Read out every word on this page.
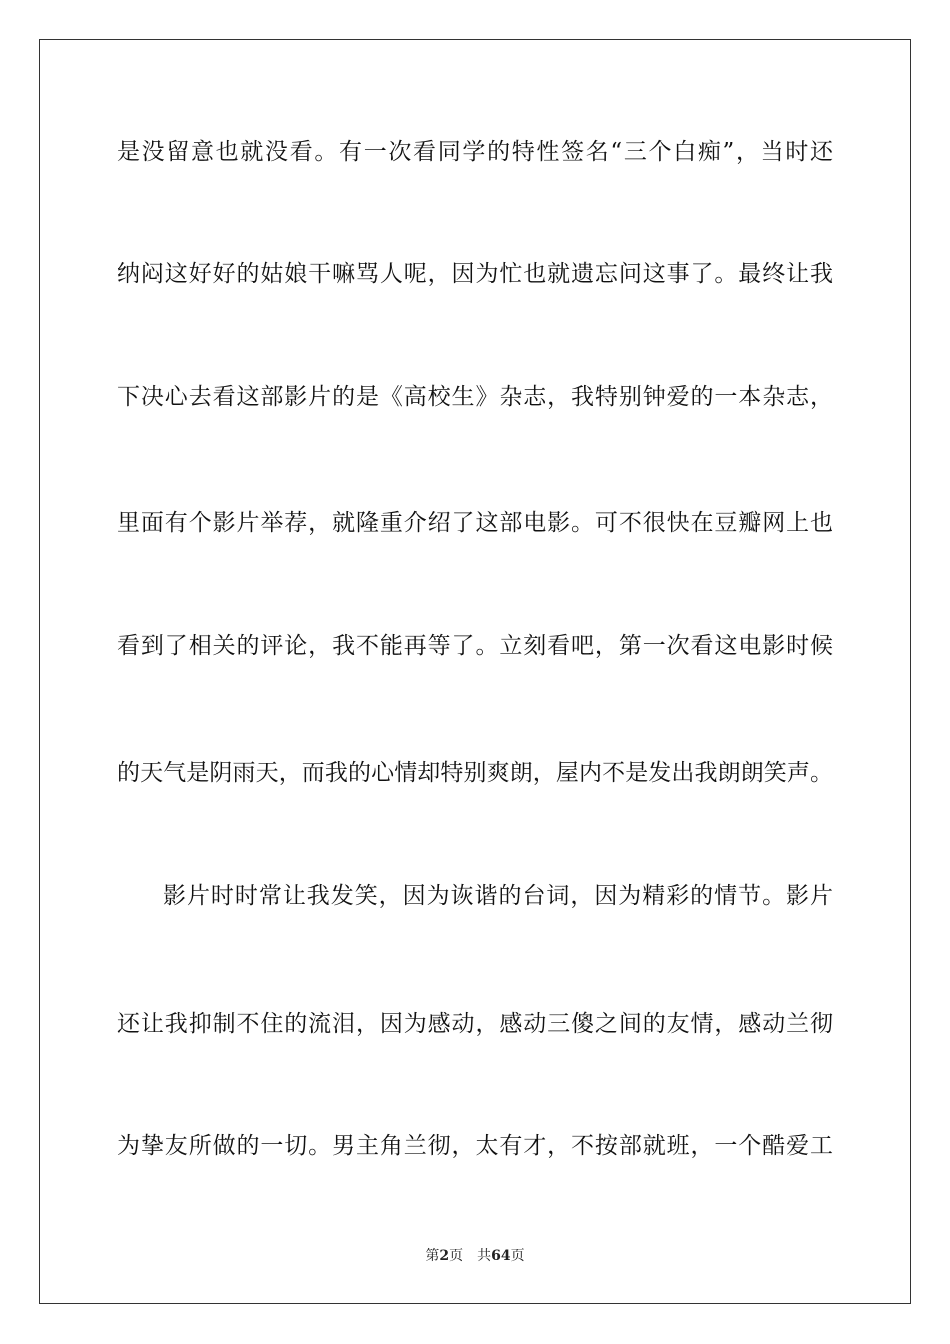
是没留意也就没看。有一次看同学的特性签名“三个白痴”，当时还
纳闷这好好的姑娘干嘛骂人呢，因为忙也就遗忘问这事了。最终让我
下决心去看这部影片的是《高校生》杂志，我特别钟爱的一本杂志，
里面有个影片举荐，就隆重介绍了这部电影。可不很快在豆瓣网上也
看到了相关的评论，我不能再等了。立刻看吧，第一次看这电影时候
的天气是阴雨天，而我的心情却特别爽朗，屋内不是发出我朗朗笑声。
影片时时常让我发笑，因为诙谐的台词，因为精彩的情节。影片
还让我抑制不住的流泪，因为感动，感动三傻之间的友情，感动兰彻
为挚友所做的一切。男主角兰彻，太有才，不按部就班，一个酷爱工
第2页 共64页
